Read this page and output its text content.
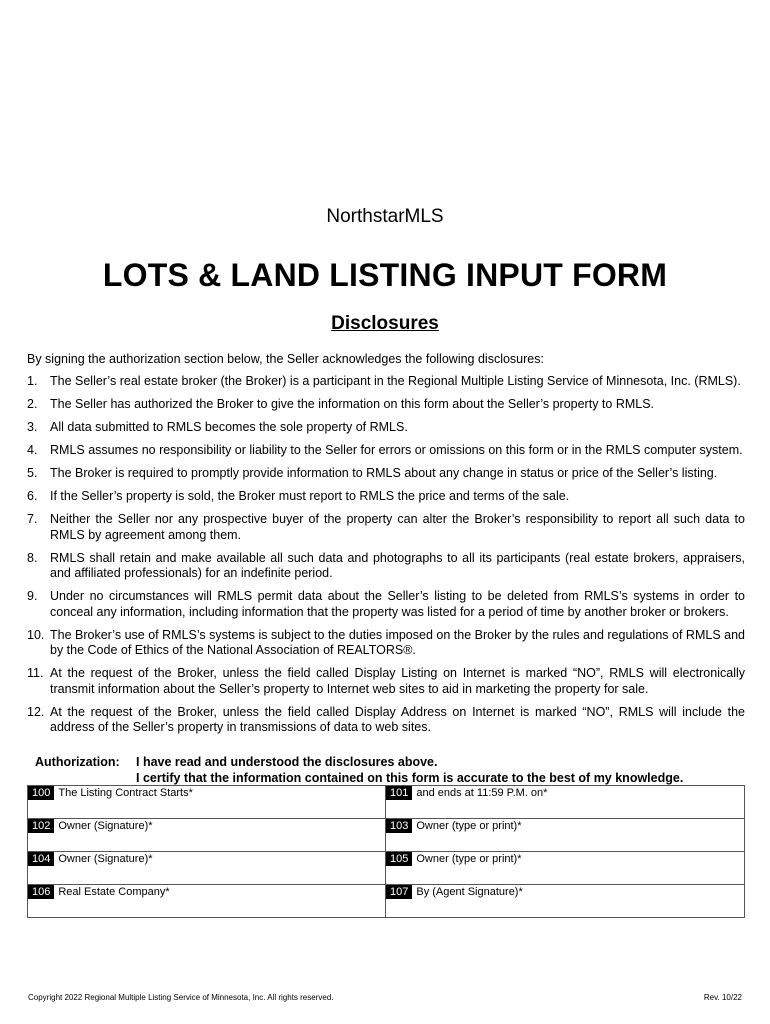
NorthstarMLS
LOTS & LAND LISTING INPUT FORM
Disclosures
By signing the authorization section below, the Seller acknowledges the following disclosures:
1.	The Seller’s real estate broker (the Broker) is a participant in the Regional Multiple Listing Service of Minnesota, Inc. (RMLS).
2.	The Seller has authorized the Broker to give the information on this form about the Seller’s property to RMLS.
3.	All data submitted to RMLS becomes the sole property of RMLS.
4.	RMLS assumes no responsibility or liability to the Seller for errors or omissions on this form or in the RMLS computer system.
5.	The Broker is required to promptly provide information to RMLS about any change in status or price of the Seller’s listing.
6.	If the Seller’s property is sold, the Broker must report to RMLS the price and terms of the sale.
7.	Neither the Seller nor any prospective buyer of the property can alter the Broker’s responsibility to report all such data to RMLS by agreement among them.
8.	RMLS shall retain and make available all such data and photographs to all its participants (real estate brokers, appraisers, and affiliated professionals) for an indefinite period.
9.	Under no circumstances will RMLS permit data about the Seller’s listing to be deleted from RMLS’s systems in order to conceal any information, including information that the property was listed for a period of time by another broker or brokers.
10. The Broker’s use of RMLS’s systems is subject to the duties imposed on the Broker by the rules and regulations of RMLS and by the Code of Ethics of the National Association of REALTORS®.
11. At the request of the Broker, unless the field called Display Listing on Internet is marked “NO”, RMLS will electronically transmit information about the Seller’s property to Internet web sites to aid in marketing the property for sale.
12. At the request of the Broker, unless the field called Display Address on Internet is marked “NO”, RMLS will include the address of the Seller’s property in transmissions of data to web sites.
Authorization:	I have read and understood the disclosures above.
I certify that the information contained on this form is accurate to the best of my knowledge.
100 The Listing Contract Starts*	101 and ends at 11:59 P.M. on*
102 Owner (Signature)*	103 Owner (type or print)*
104 Owner (Signature)*	105 Owner (type or print)*
106 Real Estate Company*	107 By (Agent Signature)*
Copyright 2022 Regional Multiple Listing Service of Minnesota, Inc. All rights reserved.	Rev. 10/22
